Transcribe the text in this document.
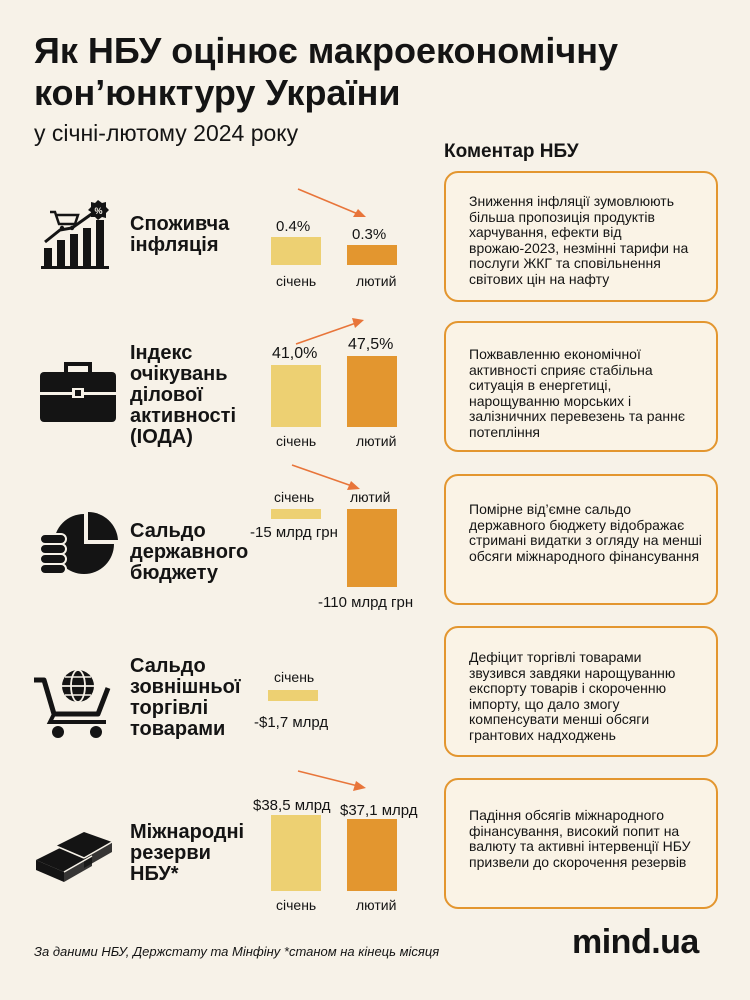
Як НБУ оцінює макроекономічну
кон’юнктуру України
у січні-лютому 2024 року
Коментар НБУ
%
Споживча
інфляція
0.4%	0.3%
січень	лютий

Зниження інфляції зумовлюють більша пропозиція продуктів харчування, ефекти від врожаю-2023, незмінні тарифи на послуги ЖКГ та сповільнення світових цін на нафту

Індекс
очікувань
ділової
активності
(ІОДА)
41,0%
47,5%
січень	лютий

Пожвавленню економічної активності сприяє стабільна ситуація в енергетиці, нарощуванню морських і залізничних перевезень та раннє потепління

Сальдо
державного
бюджету
січень	лютий
-15 млрд грн
-110 млрд грн

Помірне від’ємне сальдо державного бюджету відображає стримані видатки з огляду на менші обсяги міжнародного фінансування

Сальдо
зовнішньої
торгівлі
товарами
січень
-$1,7 млрд

Дефіцит торгівлі товарами звузився завдяки нарощуванню експорту товарів і скороченню імпорту, що дало змогу компенсувати менші обсяги грантових надходжень

Міжнародні
резерви
НБУ*
$38,5 млрд $37,1 млрд
січень	лютий

Падіння обсягів міжнародного фінансування, високий попит на валюту та активні інтервенції НБУ призвели до скорочення резервів

За даними НБУ, Держстату та Мінфіну *станом на кінець місяця	mind.ua
